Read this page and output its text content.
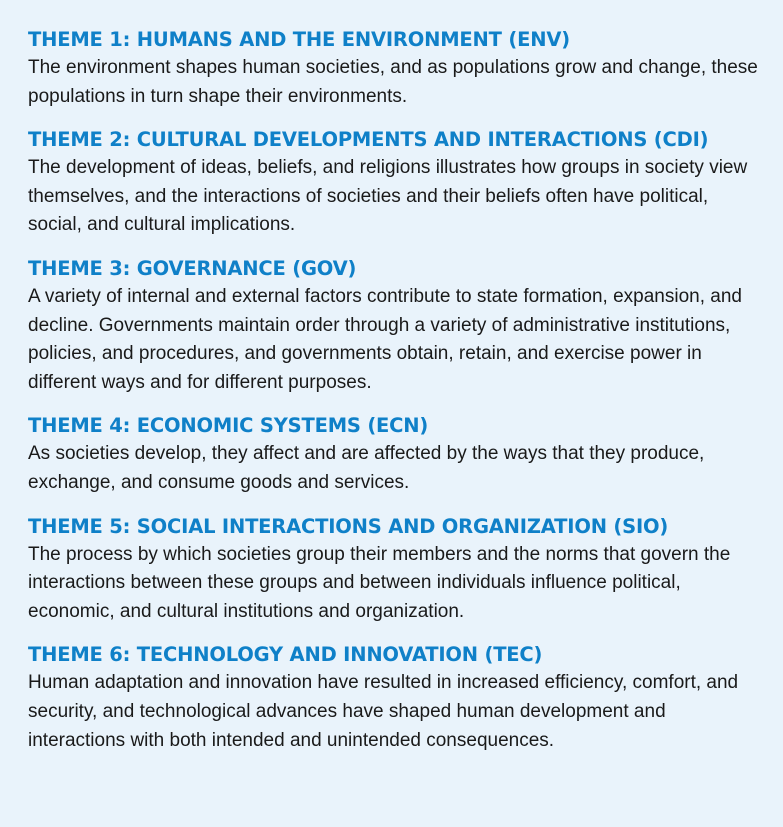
THEME 1: HUMANS AND THE ENVIRONMENT (ENV)

The environment shapes human societies, and as populations grow and change, these populations in turn shape their environments.

THEME 2: CULTURAL DEVELOPMENTS AND INTERACTIONS (CDI)

The development of ideas, beliefs, and religions illustrates how groups in society view themselves, and the interactions of societies and their beliefs often have political, social, and cultural implications.

THEME 3: GOVERNANCE (GOV)

A variety of internal and external factors contribute to state formation, expansion, and decline. Governments maintain order through a variety of administrative institutions, policies, and procedures, and governments obtain, retain, and exercise power in different ways and for different purposes.

THEME 4: ECONOMIC SYSTEMS (ECN)

As societies develop, they affect and are affected by the ways that they produce, exchange, and consume goods and services.

THEME 5: SOCIAL INTERACTIONS AND ORGANIZATION (SIO)

The process by which societies group their members and the norms that govern the interactions between these groups and between individuals influence political, economic, and cultural institutions and organization.

THEME 6: TECHNOLOGY AND INNOVATION (TEC)

Human adaptation and innovation have resulted in increased efficiency, comfort, and security, and technological advances have shaped human development and interactions with both intended and unintended consequences.
